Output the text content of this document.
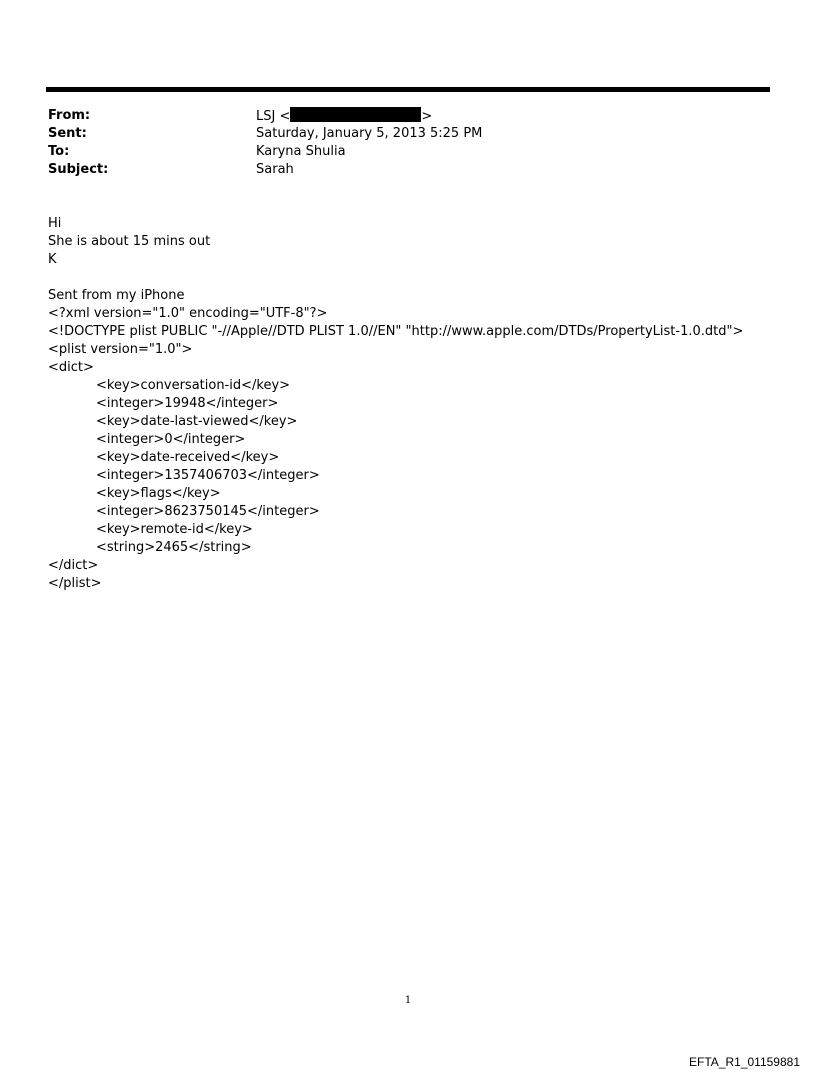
From:	LSJ <	>
Sent:	Saturday, January 5, 2013 5:25 PM
To:	Karyna Shulia
Subject:	Sarah
Hi
She is about 15 mins out
K
Sent from my iPhone
<?xml version="1.0" encoding="UTF-8"?>
<!DOCTYPE plist PUBLIC "-//Apple//DTD PLIST 1.0//EN" "http://www.apple.com/DTDs/PropertyList-1.0.dtd">
<plist version="1.0">
<dict>
<key>conversation-id</key>
<integer>19948</integer>
<key>date-last-viewed</key>
<integer>0</integer>
<key>date-received</key>
<integer>1357406703</integer>
<key>flags</key>
<integer>8623750145</integer>
<key>remote-id</key>
<string>2465</string>
</dict>
</plist>
1
EFTA_R1_01159881
